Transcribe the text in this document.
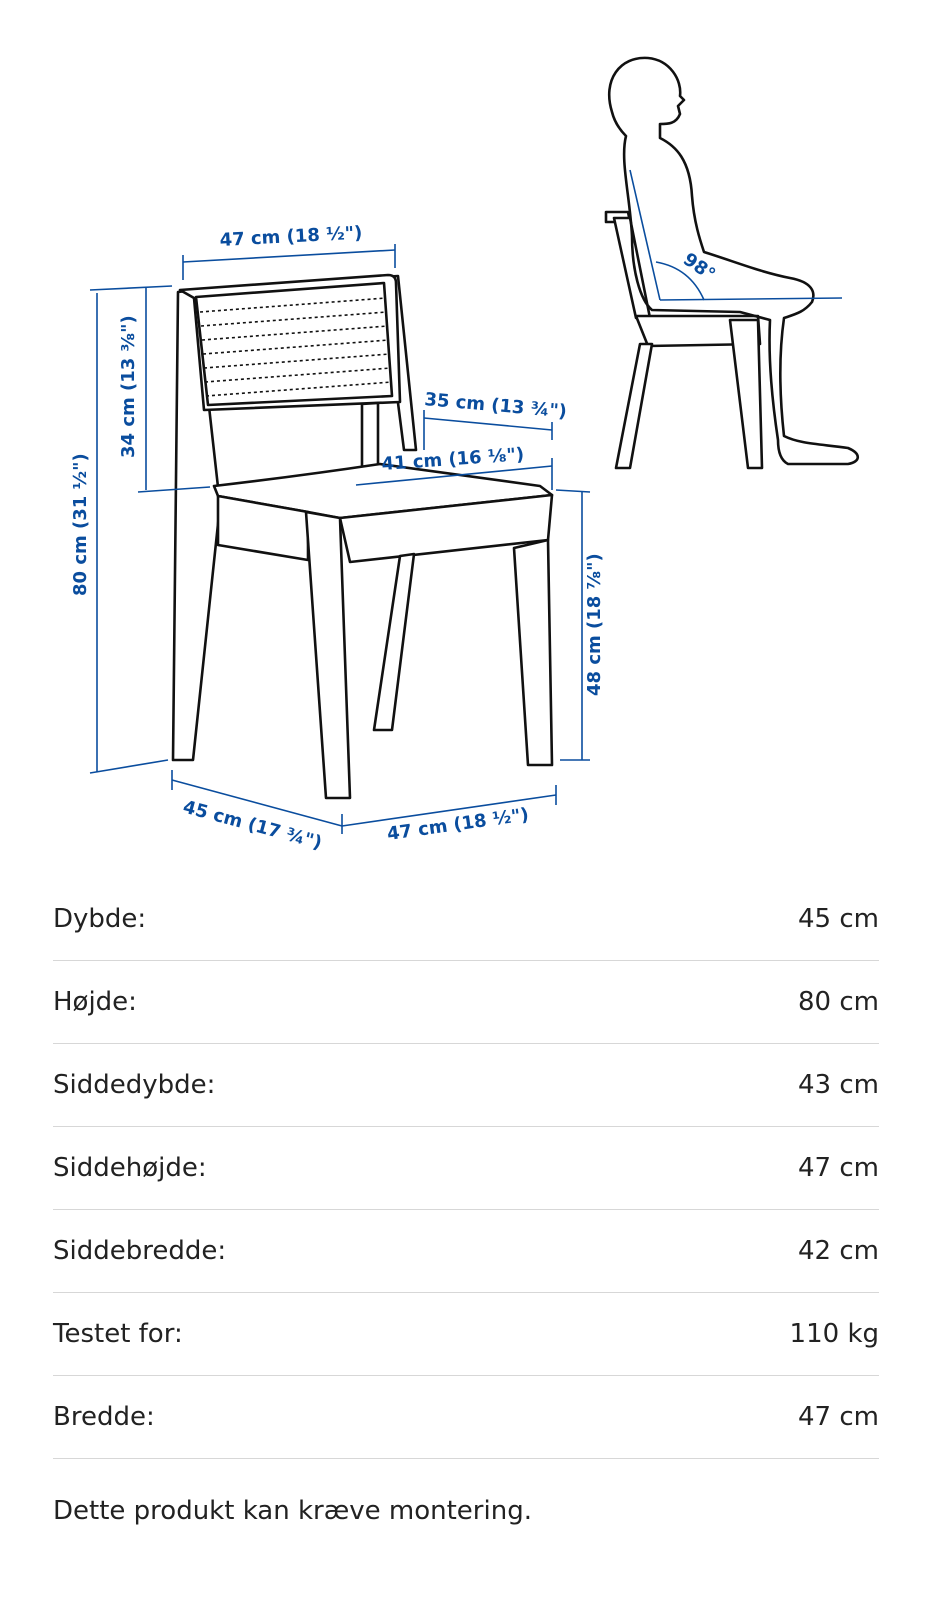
47 cm (18 ½")
34 cm (13 ⅜")
80 cm (31 ½")
35 cm (13 ¾")
41 cm (16 ⅛")
48 cm (18 ⅞")
45 cm (17 ¾")	47 cm (18 ½")
98°
Dybde:	45 cm
Højde:	80 cm
Siddedybde:	43 cm
Siddehøjde:	47 cm
Siddebredde:	42 cm
Testet for:	110 kg
Bredde:	47 cm
Dette produkt kan kræve montering.
